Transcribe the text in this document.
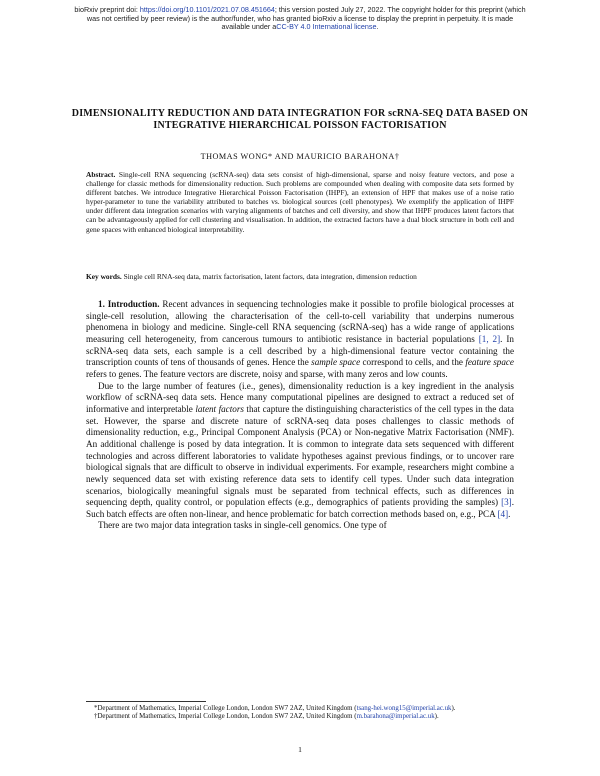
bioRxiv preprint doi: https://doi.org/10.1101/2021.07.08.451664; this version posted July 27, 2022. The copyright holder for this preprint (which
was not certified by peer review) is the author/funder, who has granted bioRxiv a license to display the preprint in perpetuity. It is made
available under aCC-BY 4.0 International license.
DIMENSIONALITY REDUCTION AND DATA INTEGRATION FOR scRNA-SEQ DATA BASED ON INTEGRATIVE HIERARCHICAL POISSON FACTORISATION
THOMAS WONG* AND MAURICIO BARAHONA†
Abstract. Single-cell RNA sequencing (scRNA-seq) data sets consist of high-dimensional, sparse and noisy feature vectors, and pose a challenge for classic methods for dimensionality reduction. Such problems are compounded when dealing with composite data sets formed by different batches. We introduce Integrative Hierarchical Poisson Factorisation (IHPF), an extension of HPF that makes use of a noise ratio hyper-parameter to tune the variability attributed to batches vs. biological sources (cell phenotypes). We exemplify the application of IHPF under different data integration scenarios with varying alignments of batches and cell diversity, and show that IHPF produces latent factors that can be advantageously applied for cell clustering and visualisation. In addition, the extracted factors have a dual block structure in both cell and gene spaces with enhanced biological interpretability.
Key words. Single cell RNA-seq data, matrix factorisation, latent factors, data integration, dimension reduction

1. Introduction. Recent advances in sequencing technologies make it possible to profile biological processes at single-cell resolution, allowing the characterisation of the cell-to-cell variability that underpins numerous phenomena in biology and medicine. Single-cell RNA sequencing (scRNA-seq) has a wide range of applications measuring cell heterogeneity, from cancerous tumours to antibiotic resistance in bacterial populations [1, 2]. In scRNA-seq data sets, each sample is a cell described by a high-dimensional feature vector containing the transcription counts of tens of thousands of genes. Hence the sample space correspond to cells, and the feature space refers to genes. The feature vectors are discrete, noisy and sparse, with many zeros and low counts.

Due to the large number of features (i.e., genes), dimensionality reduction is a key ingredient in the analysis workflow of scRNA-seq data sets. Hence many computational pipelines are designed to extract a reduced set of informative and interpretable latent factors that capture the distinguishing characteristics of the cell types in the data set. However, the sparse and discrete nature of scRNA-seq data poses challenges to classic methods of dimensionality reduction, e.g., Principal Component Analysis (PCA) or Non-negative Matrix Factorisation (NMF). An additional challenge is posed by data integration. It is common to integrate data sets sequenced with different technologies and across different laboratories to validate hypotheses against previous findings, or to uncover rare biological signals that are difficult to observe in individual experiments. For example, researchers might combine a newly sequenced data set with existing reference data sets to identify cell types. Under such data integration scenarios, biologically meaningful signals must be separated from technical effects, such as differences in sequencing depth, quality control, or population effects (e.g., demographics of patients providing the samples) [3]. Such batch effects are often non-linear, and hence problematic for batch correction methods based on, e.g., PCA [4].

There are two major data integration tasks in single-cell genomics. One type of

*Department of Mathematics, Imperial College London, London SW7 2AZ, United Kingdom (tsang-hei.wong15@imperial.ac.uk).

†Department of Mathematics, Imperial College London, London SW7 2AZ, United Kingdom (m.barahona@imperial.ac.uk).

1
